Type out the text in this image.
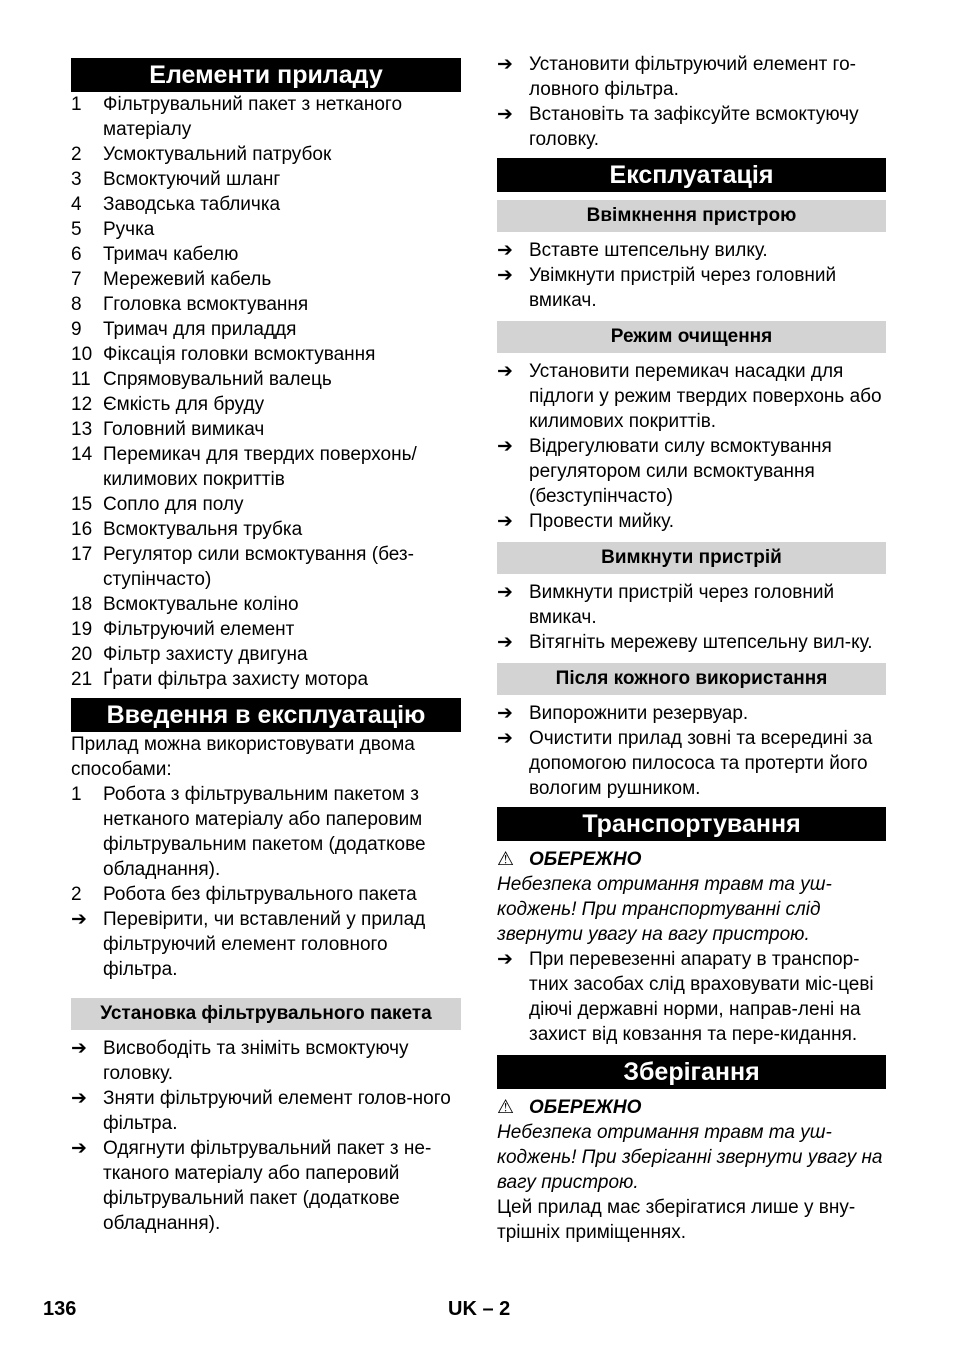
Елементи приладу
1	Фільтрувальний пакет з нетканого матеріалу
2	Усмоктувальний патрубок
3	Всмоктуючий шланг
4	Заводська табличка
5	Ручка
6	Тримач кабелю
7	Мережевий кабель
8	Гголовка всмоктування
9	Тримач для приладдя
10 Фіксація головки всмоктування
11 Спрямовувальний валець
12 Ємкість для бруду
13 Головний вимикач
14 Перемикач для твердих поверхонь/ килимових покриттів
15 Сопло для полу
16 Всмоктувальня трубка
17 Регулятор сили всмоктування (без-ступінчасто)
18 Всмоктувальне коліно
19 Фільтруючий елемент
20 Фільтр захисту двигуна
21 Ґрати фільтра захисту мотора
Введення в експлуатацію

Прилад можна використовувати двома способами:

1	Робота з фільтрувальним пакетом з нетканого матеріалу або паперовим фільтрувальним пакетом (додаткове обладнання).
2	Робота без фільтрувального пакета
➔ Перевірити, чи вставлений у прилад фільтруючий елемент головного фільтра.
Установка фільтрувального пакета
➔ Висвободіть та зніміть всмоктуючу головку.
➔ Зняти фільтруючий елемент голов-ного фільтра.
➔ Одягнути фільтрувальний пакет з не-тканого матеріалу або паперовий фільтрувальний пакет (додаткове обладнання).
➔ Установити фільтруючий елемент го-ловного фільтра.
➔ Встановіть та зафіксуйте всмоктуючу головку.
Експлуатація
Ввімкнення пристрою
➔ Вставте штепсельну вилку.
➔ Увімкнути пристрій через головний вмикач.
Режим очищення
➔ Установити перемикач насадки для підлоги у режим твердих поверхонь або килимових покриттів.
➔ Відрегулювати силу всмоктування регулятором сили всмоктування (безступінчасто)
➔ Провести мийку.
Вимкнути пристрій
➔ Вимкнути пристрій через головний вмикач.
➔ Вітягніть мережеву штепсельну вил-ку.
Після кожного використання
➔ Випорожнити резервуар.
➔ Очистити прилад зовні та всередині за допомогою пилососа та протерти його вологим рушником.
Транспортування

⚠ ОБЕРЕЖНО

Небезпека отримання травм та уш-коджень! При транспортуванні слід звернути увагу на вагу пристрою.

➔ При перевезенні апарату в транспор-тних засобах слід враховувати міс-цеві діючі державні норми, направ-лені на захист від ковзання та пере-кидання.
Зберігання

⚠ ОБЕРЕЖНО

Небезпека отримання травм та уш-коджень! При зберіганні звернути увагу на вагу пристрою.

Цей прилад має зберігатися лише у вну-трішніх приміщеннях.

136	UK – 2
